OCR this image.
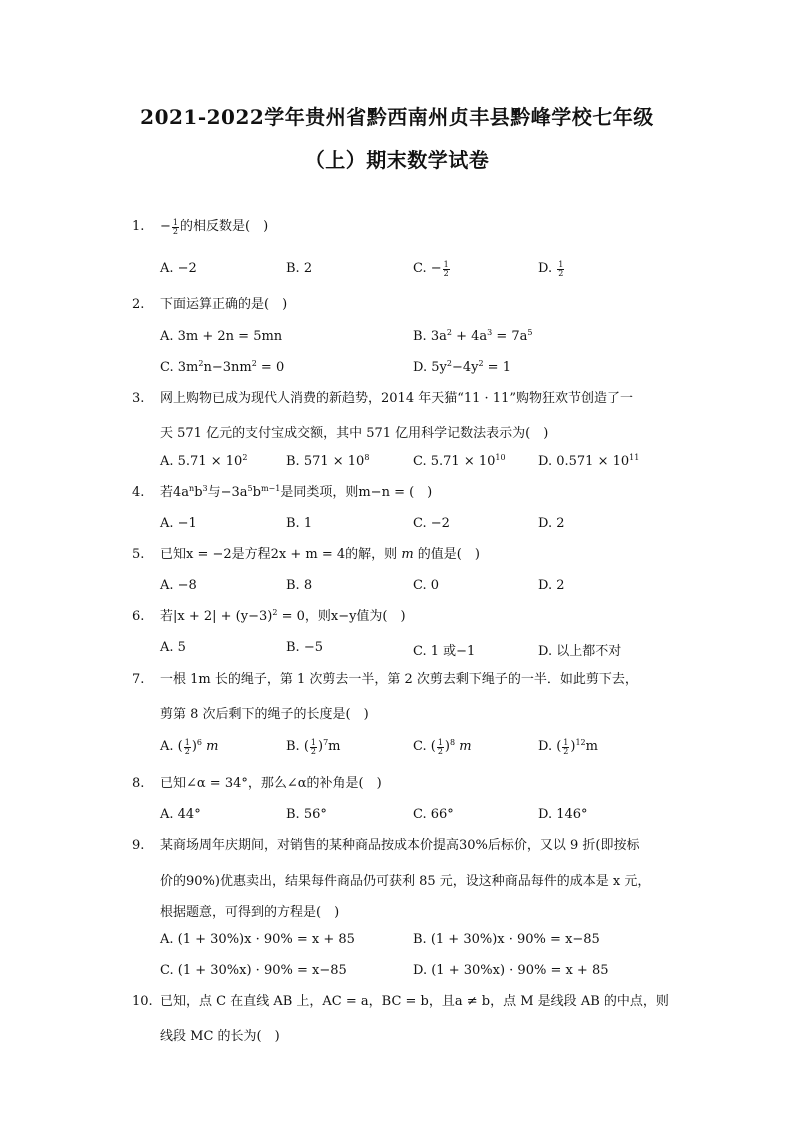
2021-2022学年贵州省黔西南州贞丰县黔峰学校七年级
（上）期末数学试卷
1.	− $\frac{1}{2}$ 的相反数是(　)
A. −2	B. 2	C. − $\frac{1}{2}$	D. $\frac{1}{2}$
2.	下面运算正确的是(　)
A. 3m + 2n = 5mn	B. $3a^2 + 4a^3 = 7a^5$
C. $3m^2n-3nm^2 = 0$	D. $5y^2-4y^2 = 1$
3.	网上购物已成为现代人消费的新趋势，2014 年天猫“11 · 11”购物狂欢节创造了一
天 571 亿元的支付宝成交额，其中 571 亿用科学记数法表示为(　)
A. $5.71 \times 10^2$	B. $571 \times 10^8$	C. $5.71 \times 10^{10}$ D. $0.571 \times 10^{11}$
4.	若$4a^nb^3$与$-3a^5b^{m-1}$是同类项，则m−n = (　)
A. −1	B. 1	C. −2	D. 2
5.	已知x = −2是方程2x + m = 4的解，则 m 的值是(　)
A. −8	B. 8	C. 0	D. 2
6.	若$|x + 2| + (y-3)^2 = 0$，则x−y值为(　)
A. 5	B. −5	C. 1 或−1	D. 以上都不对
7.	一根 1m 长的绳子，第 1 次剪去一半，第 2 次剪去剩下绳子的一半．如此剪下去，
剪第 8 次后剩下的绳子的长度是(　)
A. ( $\frac{1}{2} )^6$ m	B. ( $\frac{1}{2} )^7m$	C. ( $\frac{1}{2} )^8$ m	D. ( $\frac{1}{2} )^{12}m$
8.	已知∠α = 34°，那么∠α的补角是(　)
A. 44°	B. 56°	C. 66°	D. 146°
9.	某商场周年庆期间，对销售的某种商品按成本价提高30%后标价，又以 9 折(即按标
价的90%)优惠卖出，结果每件商品仍可获利 85 元，设这种商品每件的成本是 x 元，
根据题意，可得到的方程是(　)
A. (1 + 30%)x · 90% = x + 85	B. (1 + 30%)x · 90% = x−85
C. (1 + 30%x) · 90% = x−85	D. (1 + 30%x) · 90% = x + 85
10. 已知，点 C 在直线 AB 上，AC = a，BC = b，且a ≠ b，点 M 是线段 AB 的中点，则
线段 MC 的长为(　)
